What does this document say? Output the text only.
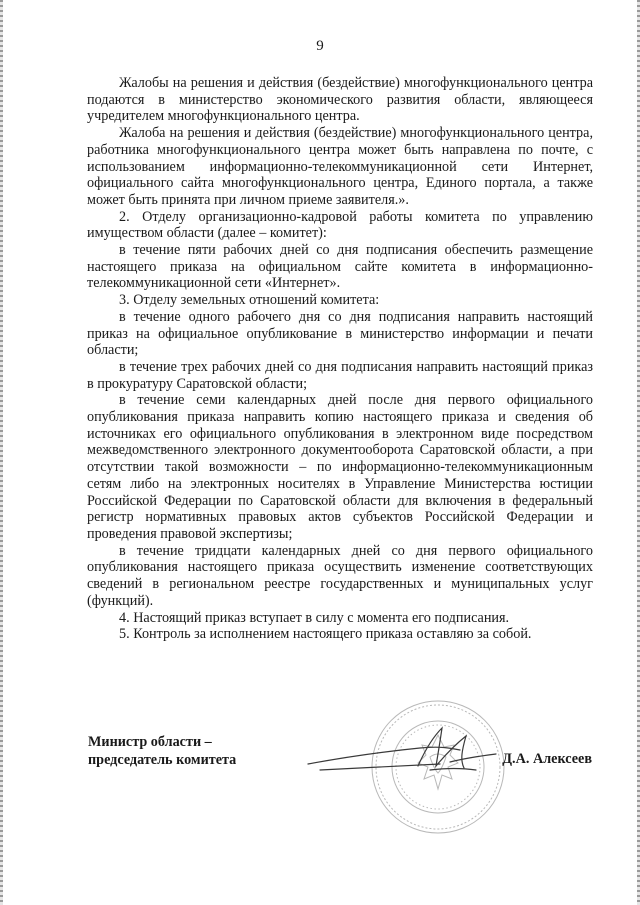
9

Жалобы на решения и действия (бездействие) многофункционального центра подаются в министерство экономического развития области, являющееся учредителем многофункционального центра.

Жалоба на решения и действия (бездействие) многофункционального центра, работника многофункционального центра может быть направлена по почте, с использованием информационно-телекоммуникационной сети Интернет, официального сайта многофункционального центра, Единого портала, а также может быть принята при личном приеме заявителя.».

2. Отделу организационно-кадровой работы комитета по управлению имуществом области (далее – комитет):

в течение пяти рабочих дней со дня подписания обеспечить размещение настоящего приказа на официальном сайте комитета в информационно-телекоммуникационной сети «Интернет».

3. Отделу земельных отношений комитета:

в течение одного рабочего дня со дня подписания направить настоящий приказ на официальное опубликование в министерство информации и печати области;

в течение трех рабочих дней со дня подписания направить настоящий приказ в прокуратуру Саратовской области;

в течение семи календарных дней после дня первого официального опубликования приказа направить копию настоящего приказа и сведения об источниках его официального опубликования в электронном виде посредством межведомственного электронного документооборота Саратовской области, а при отсутствии такой возможности – по информационно-телекоммуникационным сетям либо на электронных носителях в Управление Министерства юстиции Российской Федерации по Саратовской области для включения в федеральный регистр нормативных правовых актов субъектов Российской Федерации и проведения правовой экспертизы;

в течение тридцати календарных дней со дня первого официального опубликования настоящего приказа осуществить изменение соответствующих сведений в региональном реестре государственных и муниципальных услуг (функций).

4. Настоящий приказ вступает в силу с момента его подписания.

5. Контроль за исполнением настоящего приказа оставляю за собой.

Министр области –
председатель комитета	Д.А. Алексеев
